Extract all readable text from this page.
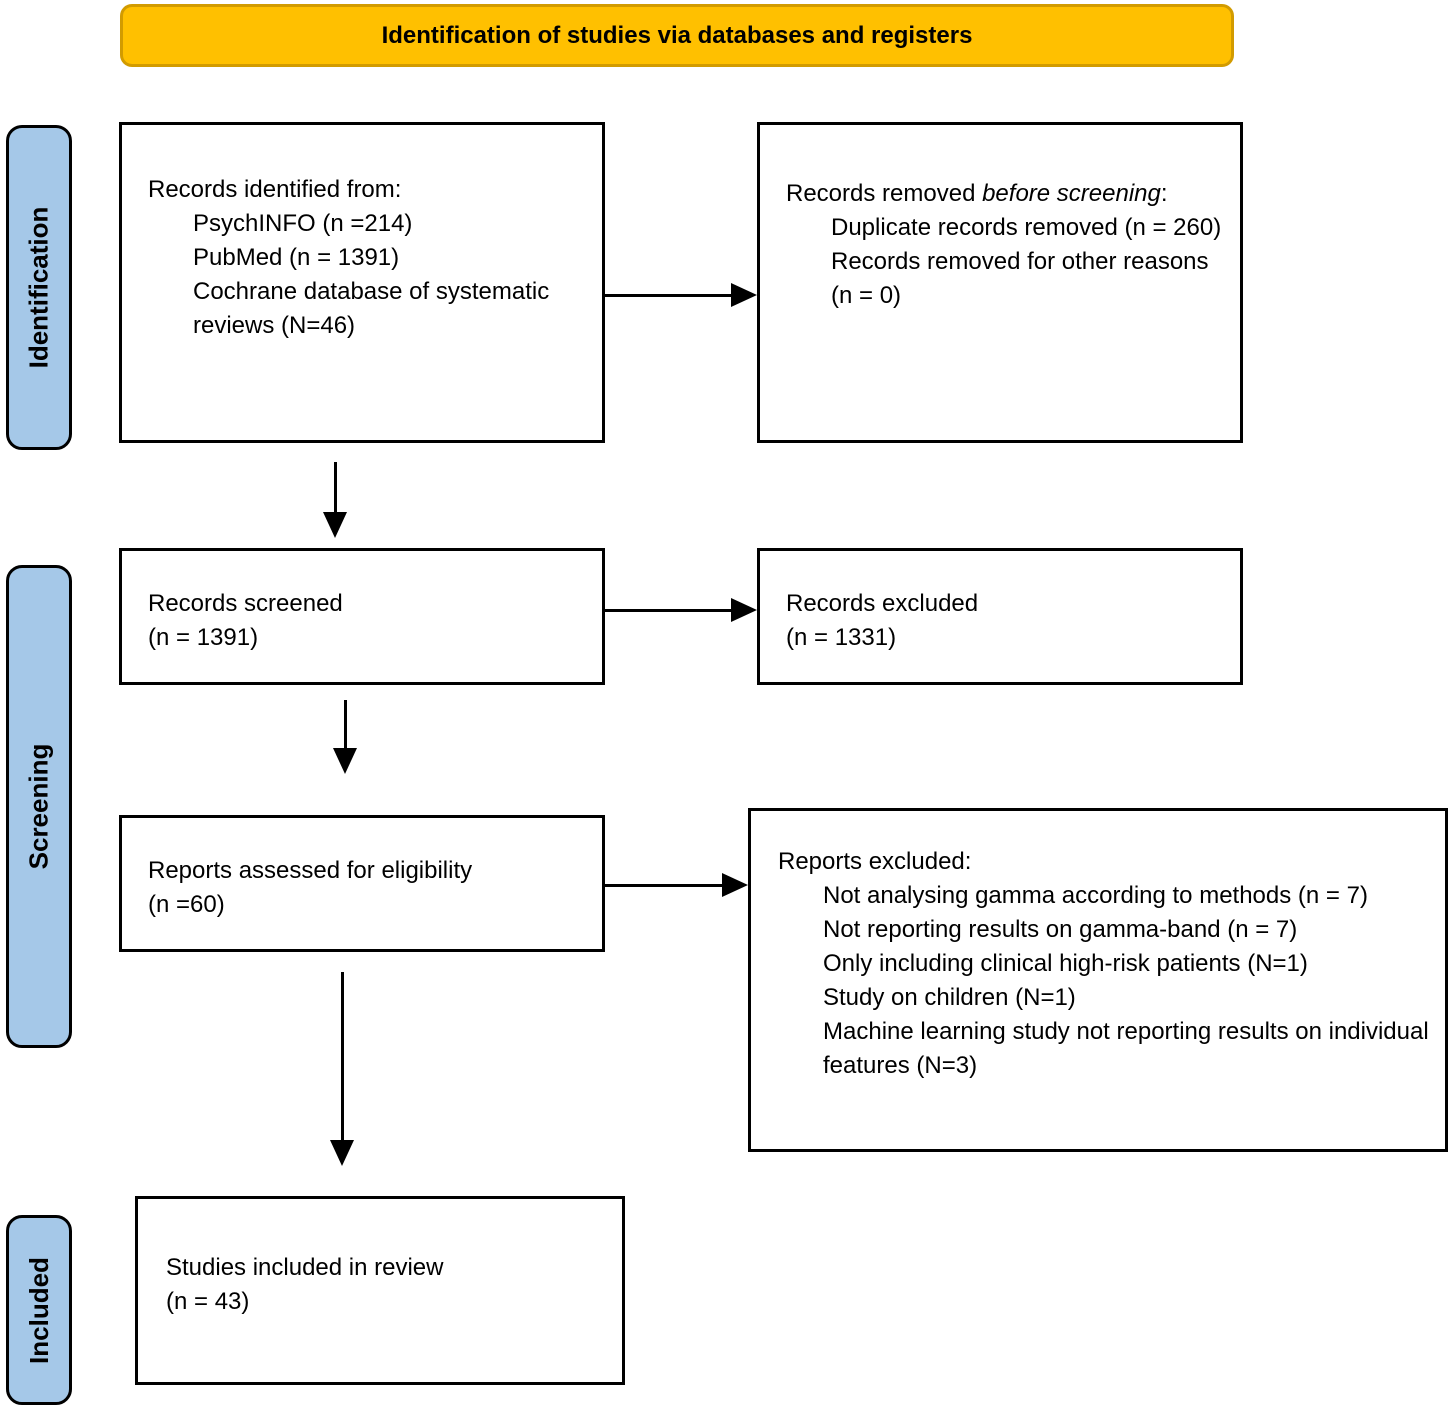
Identification of studies via databases and registers
Identification
Screening
Included
Records identified from:
PsychINFO (n =214)
PubMed (n = 1391)
Cochrane database of systematic reviews (N=46)
Records removed before screening:
Duplicate records removed (n = 260)
Records removed for other reasons (n = 0)
Records screened
(n = 1391)
Records excluded
(n = 1331)
Reports assessed for eligibility
(n =60)
Reports excluded:
Not analysing gamma according to methods (n = 7)
Not reporting results on gamma-band (n = 7)
Only including clinical high-risk patients (N=1)
Study on children (N=1)
Machine learning study not reporting results on individual features (N=3)
Studies included in review
(n = 43)
